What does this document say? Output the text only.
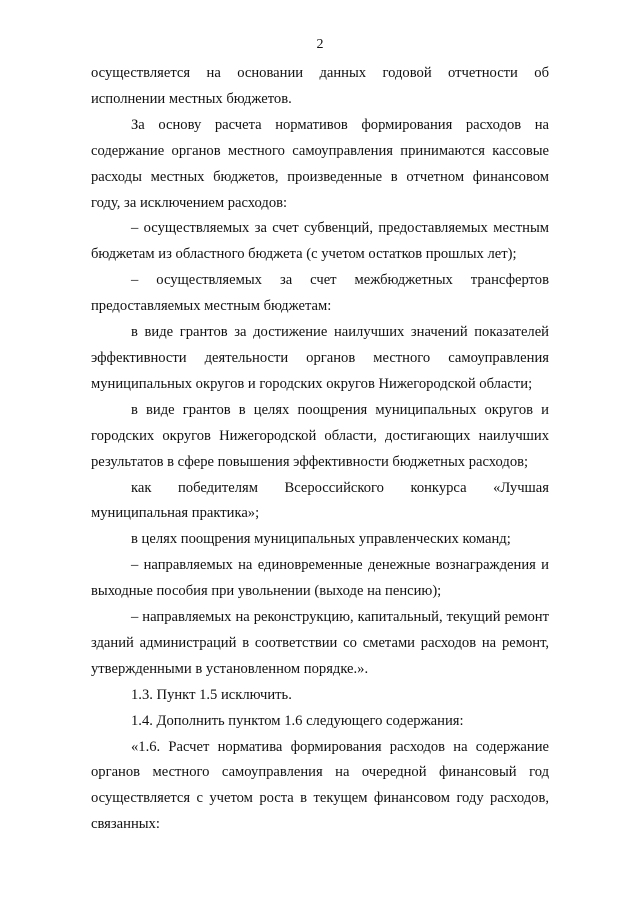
2

осуществляется на основании данных годовой отчетности об исполнении местных бюджетов.

За основу расчета нормативов формирования расходов на содержание органов местного самоуправления принимаются кассовые расходы местных бюджетов, произведенные в отчетном финансовом году, за исключением расходов:

– осуществляемых за счет субвенций, предоставляемых местным бюджетам из областного бюджета (с учетом остатков прошлых лет);

– осуществляемых за счет межбюджетных трансфертов предоставляемых местным бюджетам:

в виде грантов за достижение наилучших значений показателей эффективности деятельности органов местного самоуправления муниципальных округов и городских округов Нижегородской области;

в виде грантов в целях поощрения муниципальных округов и городских округов Нижегородской области, достигающих наилучших результатов в сфере повышения эффективности бюджетных расходов;

как победителям Всероссийского конкурса «Лучшая муниципальная практика»;

в целях поощрения муниципальных управленческих команд;

– направляемых на единовременные денежные вознаграждения и выходные пособия при увольнении (выходе на пенсию);

– направляемых на реконструкцию, капитальный, текущий ремонт зданий администраций в соответствии со сметами расходов на ремонт, утвержденными в установленном порядке.».

1.3. Пункт 1.5 исключить.

1.4. Дополнить пунктом 1.6 следующего содержания:

«1.6. Расчет норматива формирования расходов на содержание органов местного самоуправления на очередной финансовый год осуществляется с учетом роста в текущем финансовом году расходов, связанных:
